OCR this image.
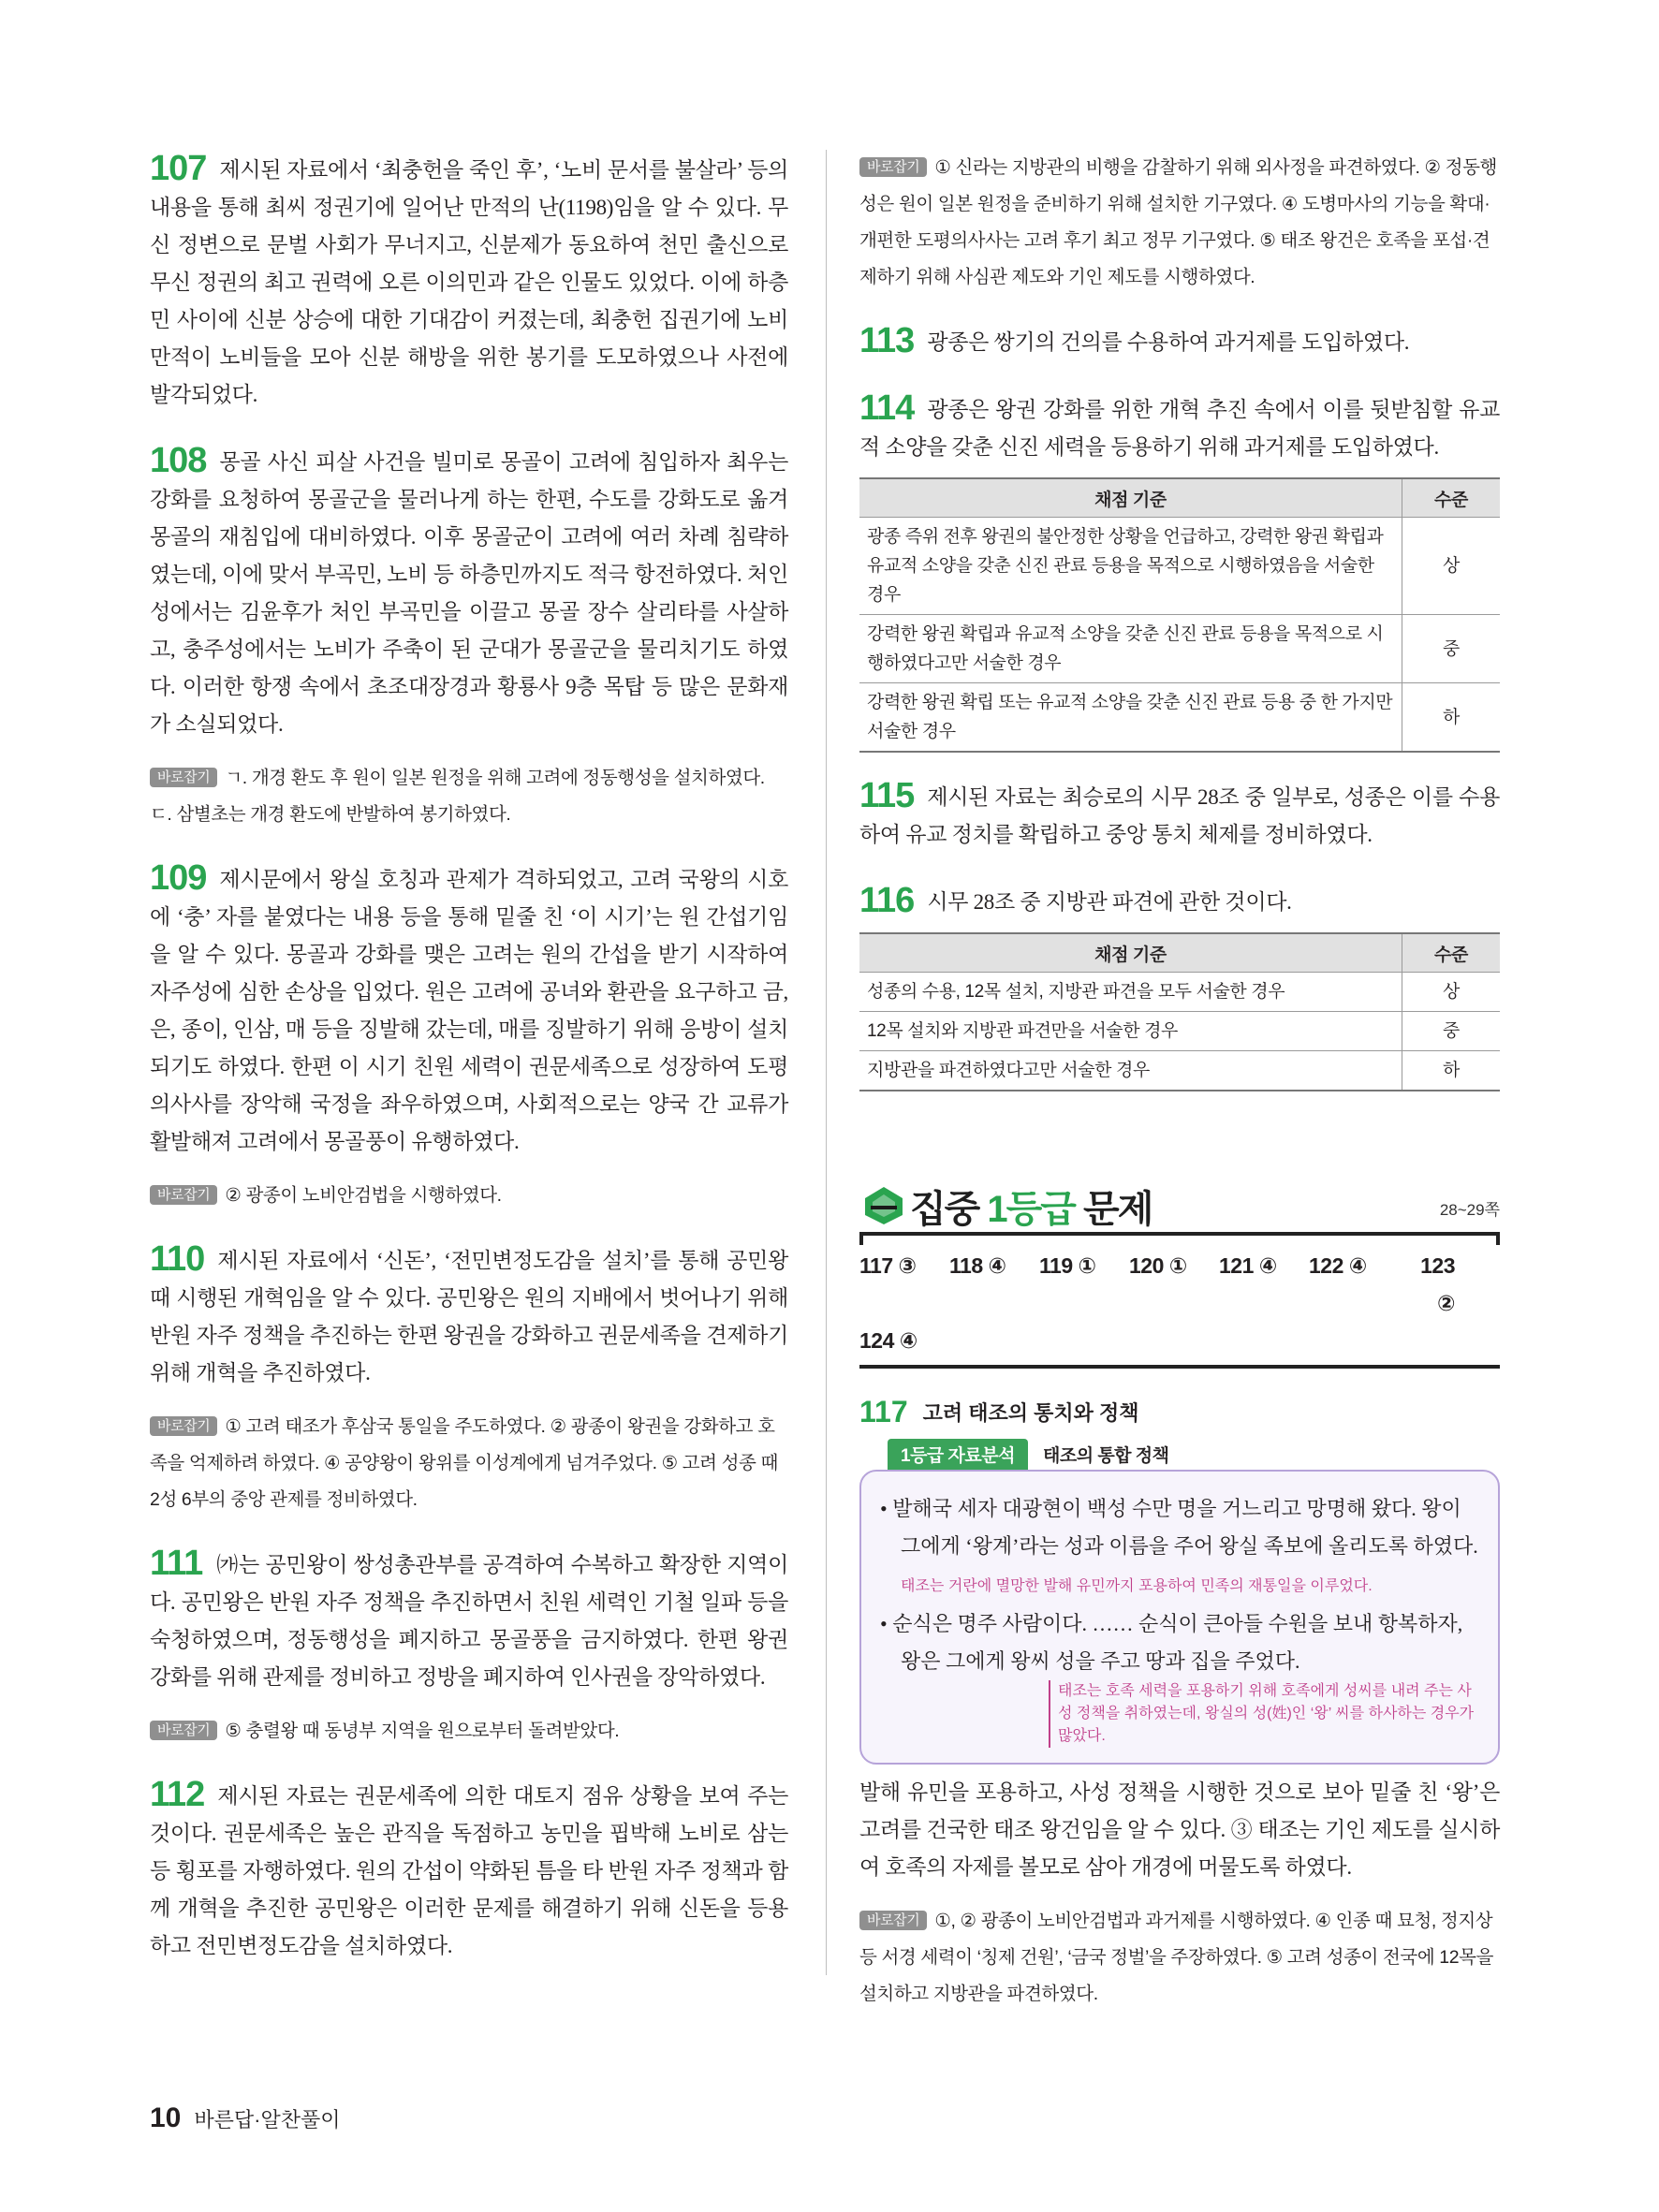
107 제시된 자료에서 ‘최충헌을 죽인 후’, ‘노비 문서를 불살라’ 등의 내용을 통해 최씨 정권기에 일어난 만적의 난(1198)임을 알 수 있다. 무신 정변으로 문벌 사회가 무너지고, 신분제가 동요하여 천민 출신으로 무신 정권의 최고 권력에 오른 이의민과 같은 인물도 있었다. 이에 하층민 사이에 신분 상승에 대한 기대감이 커졌는데, 최충헌 집권기에 노비 만적이 노비들을 모아 신분 해방을 위한 봉기를 도모하였으나 사전에 발각되었다.

108 몽골 사신 피살 사건을 빌미로 몽골이 고려에 침입하자 최우는 강화를 요청하여 몽골군을 물러나게 하는 한편, 수도를 강화도로 옮겨 몽골의 재침입에 대비하였다. 이후 몽골군이 고려에 여러 차례 침략하였는데, 이에 맞서 부곡민, 노비 등 하층민까지도 적극 항전하였다. 처인성에서는 김윤후가 처인 부곡민을 이끌고 몽골 장수 살리타를 사살하고, 충주성에서는 노비가 주축이 된 군대가 몽골군을 물리치기도 하였다. 이러한 항쟁 속에서 초조대장경과 황룡사 9층 목탑 등 많은 문화재가 소실되었다.

바로잡기 ㄱ. 개경 환도 후 원이 일본 원정을 위해 고려에 정동행성을 설치하였다. ㄷ. 삼별초는 개경 환도에 반발하여 봉기하였다.

109 제시문에서 왕실 호칭과 관제가 격하되었고, 고려 국왕의 시호에 ‘충’ 자를 붙였다는 내용 등을 통해 밑줄 친 ‘이 시기’는 원 간섭기임을 알 수 있다. 몽골과 강화를 맺은 고려는 원의 간섭을 받기 시작하여 자주성에 심한 손상을 입었다. 원은 고려에 공녀와 환관을 요구하고 금, 은, 종이, 인삼, 매 등을 징발해 갔는데, 매를 징발하기 위해 응방이 설치되기도 하였다. 한편 이 시기 친원 세력이 권문세족으로 성장하여 도평의사사를 장악해 국정을 좌우하였으며, 사회적으로는 양국 간 교류가 활발해져 고려에서 몽골풍이 유행하였다.

바로잡기 ② 광종이 노비안검법을 시행하였다.

110 제시된 자료에서 ‘신돈’, ‘전민변정도감을 설치’를 통해 공민왕 때 시행된 개혁임을 알 수 있다. 공민왕은 원의 지배에서 벗어나기 위해 반원 자주 정책을 추진하는 한편 왕권을 강화하고 권문세족을 견제하기 위해 개혁을 추진하였다.

바로잡기 ① 고려 태조가 후삼국 통일을 주도하였다. ② 광종이 왕권을 강화하고 호족을 억제하려 하였다. ④ 공양왕이 왕위를 이성계에게 넘겨주었다. ⑤ 고려 성종 때 2성 6부의 중앙 관제를 정비하였다.

111 ㈎는 공민왕이 쌍성총관부를 공격하여 수복하고 확장한 지역이다. 공민왕은 반원 자주 정책을 추진하면서 친원 세력인 기철 일파 등을 숙청하였으며, 정동행성을 폐지하고 몽골풍을 금지하였다. 한편 왕권 강화를 위해 관제를 정비하고 정방을 폐지하여 인사권을 장악하였다.

바로잡기 ⑤ 충렬왕 때 동녕부 지역을 원으로부터 돌려받았다.

112 제시된 자료는 권문세족에 의한 대토지 점유 상황을 보여 주는 것이다. 권문세족은 높은 관직을 독점하고 농민을 핍박해 노비로 삼는 등 횡포를 자행하였다. 원의 간섭이 약화된 틈을 타 반원 자주 정책과 함께 개혁을 추진한 공민왕은 이러한 문제를 해결하기 위해 신돈을 등용하고 전민변정도감을 설치하였다.

바로잡기 ① 신라는 지방관의 비행을 감찰하기 위해 외사정을 파견하였다. ② 정동행성은 원이 일본 원정을 준비하기 위해 설치한 기구였다. ④ 도병마사의 기능을 확대·개편한 도평의사사는 고려 후기 최고 정무 기구였다. ⑤ 태조 왕건은 호족을 포섭·견제하기 위해 사심관 제도와 기인 제도를 시행하였다.

113 광종은 쌍기의 건의를 수용하여 과거제를 도입하였다.

114 광종은 왕권 강화를 위한 개혁 추진 속에서 이를 뒷받침할 유교적 소양을 갖춘 신진 세력을 등용하기 위해 과거제를 도입하였다.

채점 기준	수준
광종 즉위 전후 왕권의 불안정한 상황을 언급하고, 강력한 왕권 확립과 유교적 소양을 갖춘 신진 관료 등용을 목적으로 시행하였음을 서술한 경우	상
강력한 왕권 확립과 유교적 소양을 갖춘 신진 관료 등용을 목적으로 시행하였다고만 서술한 경우	중
강력한 왕권 확립 또는 유교적 소양을 갖춘 신진 관료 등용 중 한 가지만 서술한 경우	하

115 제시된 자료는 최승로의 시무 28조 중 일부로, 성종은 이를 수용하여 유교 정치를 확립하고 중앙 통치 체제를 정비하였다.

116 시무 28조 중 지방관 파견에 관한 것이다.

채점 기준	수준
성종의 수용, 12목 설치, 지방관 파견을 모두 서술한 경우	상
12목 설치와 지방관 파견만을 서술한 경우	중
지방관을 파견하였다고만 서술한 경우	하
집중 1등급 문제	28~29쪽
117 ③	118 ④	119 ①	120 ①	121 ④	122 ④	123 ②
124 ④
117 고려 태조의 통치와 정책
1등급 자료분석	태조의 통합 정책
• 발해국 세자 대광현이 백성 수만 명을 거느리고 망명해 왔다. 왕이 그에게 ‘왕계’라는 성과 이름을 주어 왕실 족보에 올리도록 하였다. 태조는 거란에 멸망한 발해 유민까지 포용하여 민족의 재통일을 이루었다.
• 순식은 명주 사람이다. …… 순식이 큰아들 수원을 보내 항복하자, 왕은 그에게 왕씨 성을 주고 땅과 집을 주었다.
태조는 호족 세력을 포용하기 위해 호족에게 성씨를 내려 주는 사성 정책을 취하였는데, 왕실의 성(姓)인 ‘왕’ 씨를 하사하는 경우가 많았다.

발해 유민을 포용하고, 사성 정책을 시행한 것으로 보아 밑줄 친 ‘왕’은 고려를 건국한 태조 왕건임을 알 수 있다. ③ 태조는 기인 제도를 실시하여 호족의 자제를 볼모로 삼아 개경에 머물도록 하였다.

바로잡기 ①, ② 광종이 노비안검법과 과거제를 시행하였다. ④ 인종 때 묘청, 정지상 등 서경 세력이 ‘칭제 건원’, ‘금국 정벌’을 주장하였다. ⑤ 고려 성종이 전국에 12목을 설치하고 지방관을 파견하였다.
10 바른답·알찬풀이
